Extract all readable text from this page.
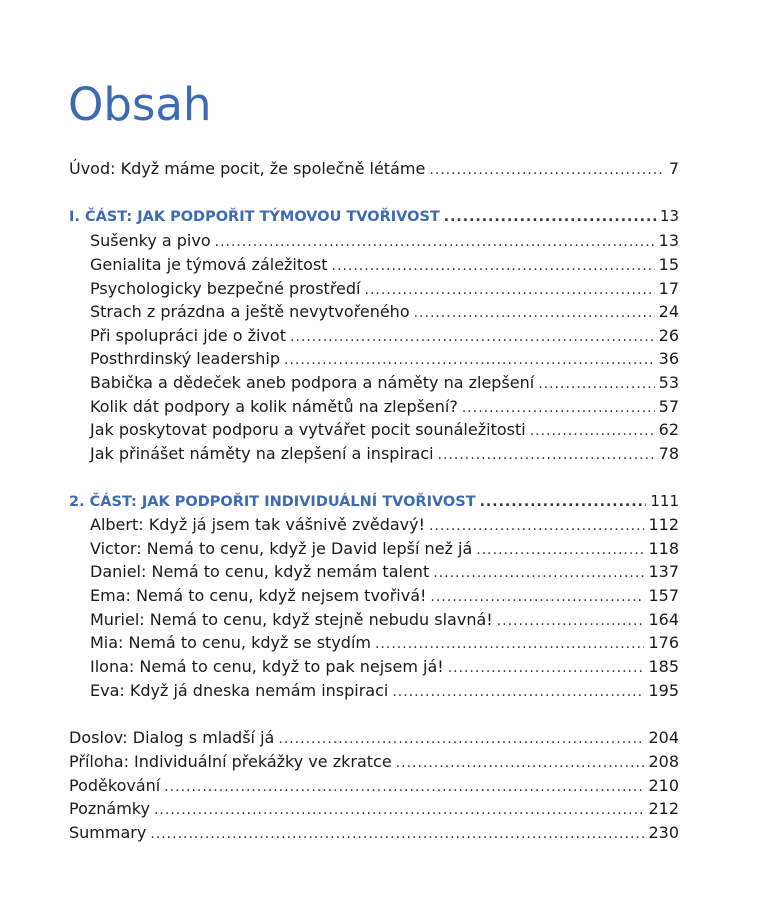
Obsah
Úvod: Když máme pocit, že společně létáme .....	7
I. ČÁST: JAK PODPOŘIT TÝMOVOU TVOŘIVOST .....	13
Sušenky a pivo .....	13
Genialita je týmová záležitost .....	15
Psychologicky bezpečné prostředí .....	17
Strach z prázdna a ještě nevytvořeného .....	24
Při spolupráci jde o život .....	26
Posthrdinský leadership .....	36
Babička a dědeček aneb podpora a náměty na zlepšení .....	53
Kolik dát podpory a kolik námětů na zlepšení? .....	57
Jak poskytovat podporu a vytvářet pocit sounáležitosti .....	62
Jak přinášet náměty na zlepšení a inspiraci .....	78
2. ČÁST: JAK PODPOŘIT INDIVIDUÁLNÍ TVOŘIVOST .....	111
Albert: Když já jsem tak vášnivě zvědavý! .....	112
Victor: Nemá to cenu, když je David lepší než já .....	118
Daniel: Nemá to cenu, když nemám talent .....	137
Ema: Nemá to cenu, když nejsem tvořivá! .....	157
Muriel: Nemá to cenu, když stejně nebudu slavná! .....	164
Mia: Nemá to cenu, když se stydím .....	176
Ilona: Nemá to cenu, když to pak nejsem já! .....	185
Eva: Když já dneska nemám inspiraci .....	195
Doslov: Dialog s mladší já .....	204
Příloha: Individuální překážky ve zkratce .....	208
Poděkování .....	210
Poznámky .....	212
Summary .....	230
